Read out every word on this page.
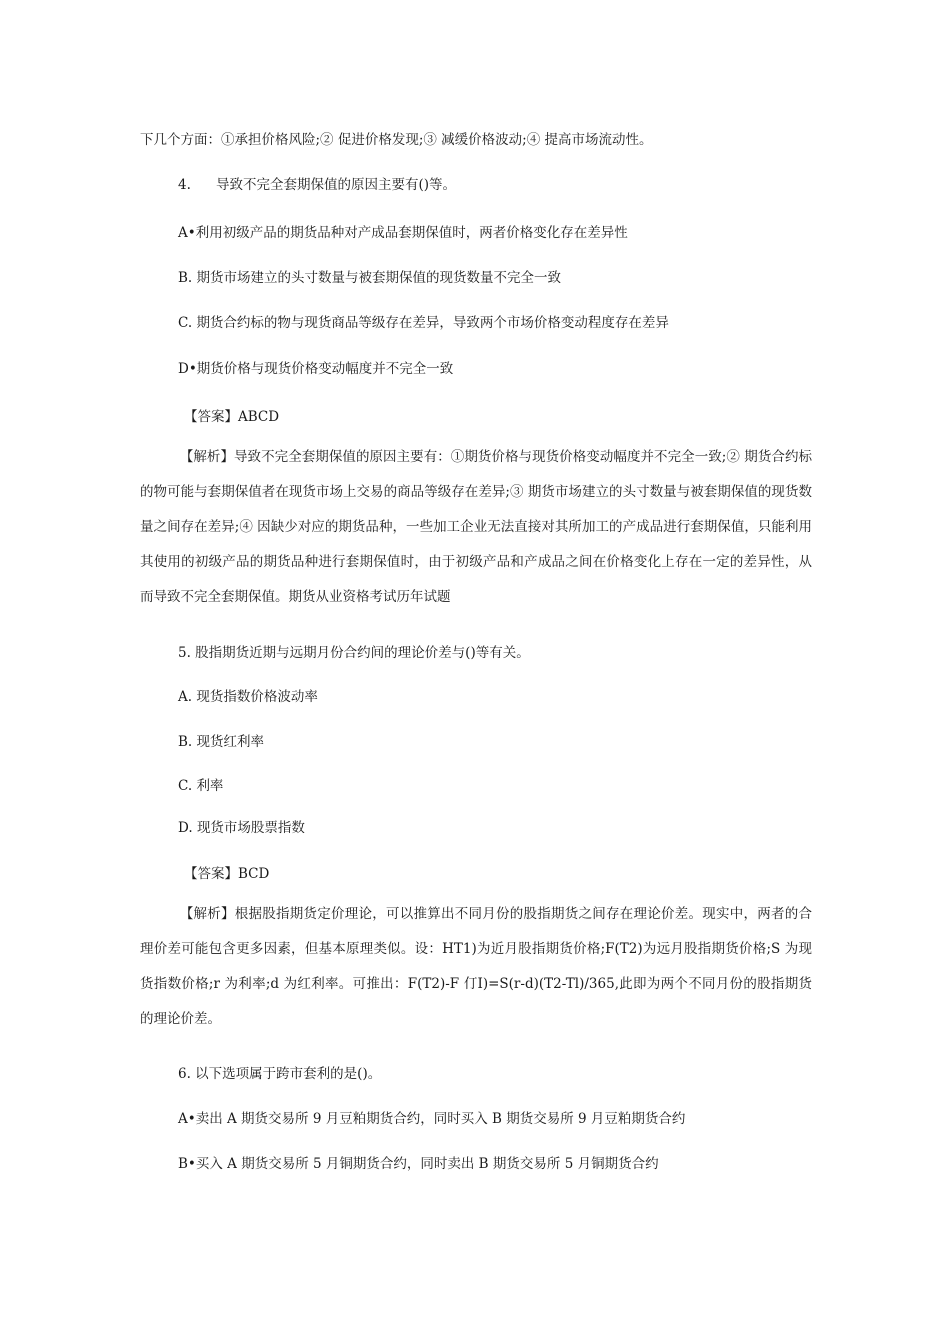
下几个方面：①承担价格风险;② 促进价格发现;③ 减缓价格波动;④ 提高市场流动性。
4. 导致不完全套期保值的原因主要有()等。
A•利用初级产品的期货品种对产成品套期保值时，两者价格变化存在差异性
B. 期货市场建立的头寸数量与被套期保值的现货数量不完全一致
C. 期货合约标的物与现货商品等级存在差异，导致两个市场价格变动程度存在差异
D•期货价格与现货价格变动幅度并不完全一致
【答案】ABCD
【解析】导致不完全套期保值的原因主要有：①期货价格与现货价格变动幅度并不完全一致;② 期货合约标的物可能与套期保值者在现货市场上交易的商品等级存在差异;③ 期货市场建立的头寸数量与被套期保值的现货数量之间存在差异;④ 因缺少对应的期货品种，一些加工企业无法直接对其所加工的产成品进行套期保值，只能利用其使用的初级产品的期货品种进行套期保值时，由于初级产品和产成品之间在价格变化上存在一定的差异性，从而导致不完全套期保值。期货从业资格考试历年试题
5. 股指期货近期与远期月份合约间的理论价差与()等有关。
A. 现货指数价格波动率
B. 现货红利率
C. 利率
D. 现货市场股票指数
【答案】BCD
【解析】根据股指期货定价理论，可以推算出不同月份的股指期货之间存在理论价差。现实中，两者的合理价差可能包含更多因素，但基本原理类似。设：HT1)为近月股指期货价格;F(T2)为远月股指期货价格;S 为现货指数价格;r 为利率;d 为红利率。可推出：F(T2)-F 仃I)=S(r-d)(T2-Tl)/365,此即为两个不同月份的股指期货的理论价差。
6. 以下选项属于跨市套利的是()。
A•卖出 A 期货交易所 9 月豆粕期货合约，同时买入 B 期货交易所 9 月豆粕期货合约
B•买入 A 期货交易所 5 月铜期货合约，同时卖出 B 期货交易所 5 月铜期货合约
